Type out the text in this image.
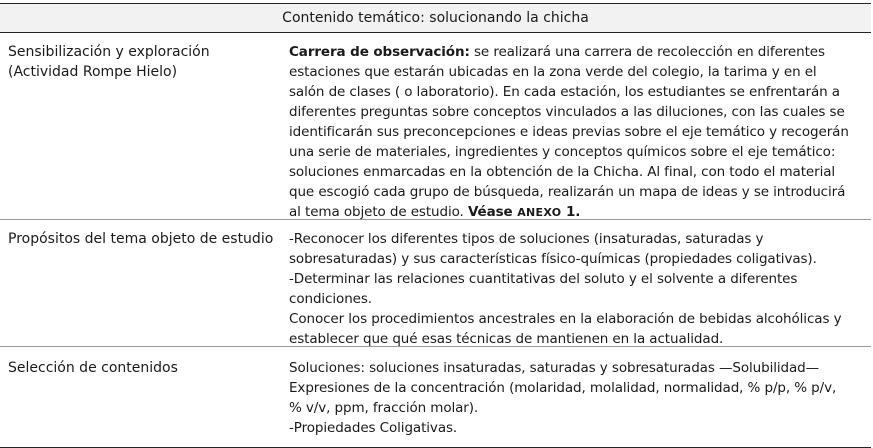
Contenido temático: solucionando la chicha
Sensibilización y exploración
(Actividad Rompe Hielo)
Carrera de observación: se realizará una carrera de recolección en diferentes
estaciones que estarán ubicadas en la zona verde del colegio, la tarima y en el
salón de clases ( o laboratorio). En cada estación, los estudiantes se enfrentarán a
diferentes preguntas sobre conceptos vinculados a las diluciones, con las cuales se
identificarán sus preconcepciones e ideas previas sobre el eje temático y recogerán
una serie de materiales, ingredientes y conceptos químicos sobre el eje temático:
soluciones enmarcadas en la obtención de la Chicha. Al final, con todo el material
que escogió cada grupo de búsqueda, realizarán un mapa de ideas y se introducirá
al tema objeto de estudio. Véase ANEXO 1.
Propósitos del tema objeto de estudio	-Reconocer los diferentes tipos de soluciones (insaturadas, saturadas y
sobresaturadas) y sus características físico-químicas (propiedades coligativas).
-Determinar las relaciones cuantitativas del soluto y el solvente a diferentes
condiciones.
Conocer los procedimientos ancestrales en la elaboración de bebidas alcohólicas y
establecer que qué esas técnicas de mantienen en la actualidad.
Selección de contenidos	Soluciones: soluciones insaturadas, saturadas y sobresaturadas —Solubilidad—
Expresiones de la concentración (molaridad, molalidad, normalidad, % p/p, % p/v,
% v/v, ppm, fracción molar).
-Propiedades Coligativas.
